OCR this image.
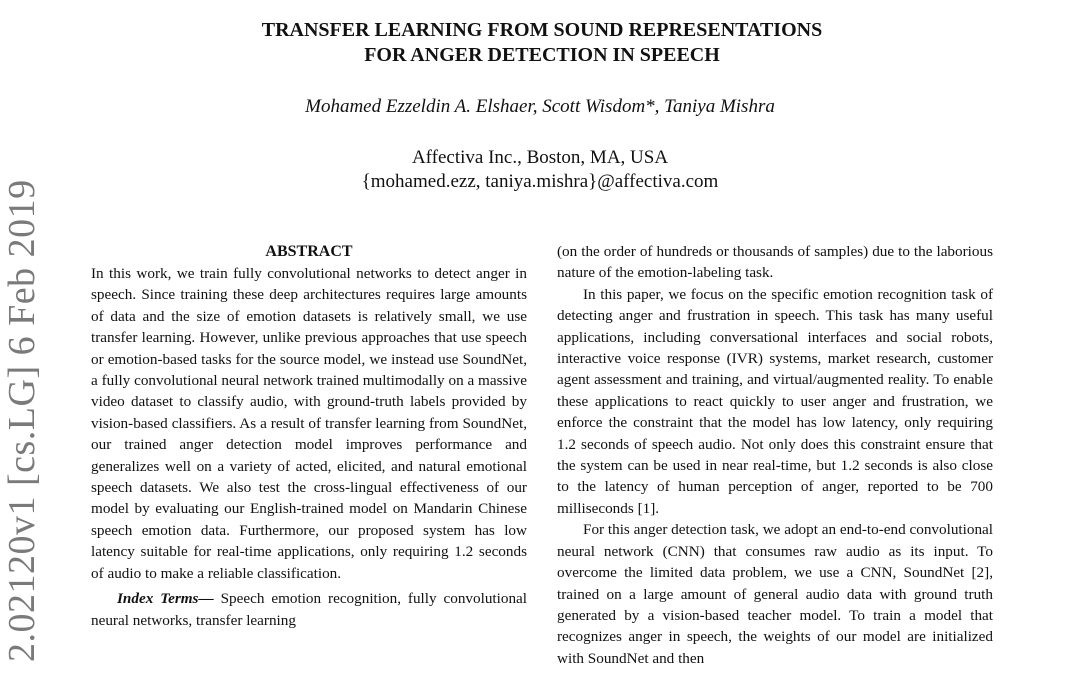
2.02120v1 [cs.LG] 6 Feb 2019
TRANSFER LEARNING FROM SOUND REPRESENTATIONS
FOR ANGER DETECTION IN SPEECH
Mohamed Ezzeldin A. Elshaer, Scott Wisdom*, Taniya Mishra
Affectiva Inc., Boston, MA, USA
{mohamed.ezz, taniya.mishra}@affectiva.com
ABSTRACT

In this work, we train fully convolutional networks to detect anger in speech. Since training these deep architectures requires large amounts of data and the size of emotion datasets is relatively small, we use transfer learning. However, unlike previous approaches that use speech or emotion-based tasks for the source model, we instead use SoundNet, a fully convolutional neural network trained multimodally on a massive video dataset to classify audio, with ground-truth labels provided by vision-based classifiers. As a result of transfer learning from SoundNet, our trained anger detection model improves performance and generalizes well on a variety of acted, elicited, and natural emotional speech datasets. We also test the cross-lingual effectiveness of our model by evaluating our English-trained model on Mandarin Chinese speech emotion data. Furthermore, our proposed system has low latency suitable for real-time applications, only requiring 1.2 seconds of audio to make a reliable classification.

Index Terms— Speech emotion recognition, fully convolutional neural networks, transfer learning

(on the order of hundreds or thousands of samples) due to the laborious nature of the emotion-labeling task.

In this paper, we focus on the specific emotion recognition task of detecting anger and frustration in speech. This task has many useful applications, including conversational interfaces and social robots, interactive voice response (IVR) systems, market research, customer agent assessment and training, and virtual/augmented reality. To enable these applications to react quickly to user anger and frustration, we enforce the constraint that the model has low latency, only requiring 1.2 seconds of speech audio. Not only does this constraint ensure that the system can be used in near real-time, but 1.2 seconds is also close to the latency of human perception of anger, reported to be 700 milliseconds [1].

For this anger detection task, we adopt an end-to-end convolutional neural network (CNN) that consumes raw audio as its input. To overcome the limited data problem, we use a CNN, SoundNet [2], trained on a large amount of general audio data with ground truth generated by a vision-based teacher model. To train a model that recognizes anger in speech, the weights of our model are initialized with SoundNet and then
